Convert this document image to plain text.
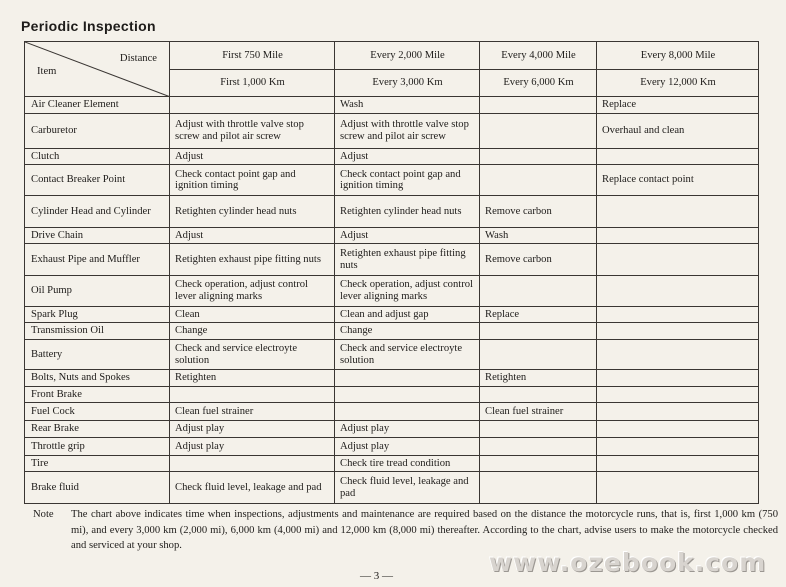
Periodic Inspection
Distance
Item	First 750 Mile	Every 2,000 Mile	Every 4,000 Mile	Every 8,000 Mile
	First 1,000 Km	Every 3,000 Km	Every 6,000 Km	Every 12,000 Km
Air Cleaner Element		Wash		Replace
Carburetor	Adjust with throttle valve stop screw and pilot air screw	Adjust with throttle valve stop screw and pilot air screw		Overhaul and clean
Clutch	Adjust	Adjust		
Contact Breaker Point	Check contact point gap and ignition timing	Check contact point gap and ignition timing		Replace contact point
Cylinder Head and Cylinder	Retighten cylinder head nuts	Retighten cylinder head nuts	Remove carbon	
Drive Chain	Adjust	Adjust	Wash	
Exhaust Pipe and Muffler	Retighten exhaust pipe fitting nuts	Retighten exhaust pipe fitting nuts	Remove carbon	
Oil Pump	Check operation, adjust control lever aligning marks	Check operation, adjust control lever aligning marks		
Spark Plug	Clean	Clean and adjust gap	Replace	
Transmission Oil	Change	Change		
Battery	Check and service electroyte solution	Check and service electroyte solution		
Bolts, Nuts and Spokes	Retighten		Retighten	
Front Brake				
Fuel Cock	Clean fuel strainer		Clean fuel strainer	
Rear Brake	Adjust play	Adjust play		
Throttle grip	Adjust play	Adjust play		
Tire		Check tire tread condition		
Brake fluid	Check fluid level, leakage and pad	Check fluid level, leakage and pad		
Note The chart above indicates time when inspections, adjustments and maintenance are required based on the distance the motorcycle runs, that is, first 1,000 km (750 mi), and every 3,000 km (2,000 mi), 6,000 km (4,000 mi) and 12,000 km (8,000 mi) thereafter. According to the chart, advise users to make the motorcycle checked and serviced at your shop.
— 3 —	www.ozebook.com
